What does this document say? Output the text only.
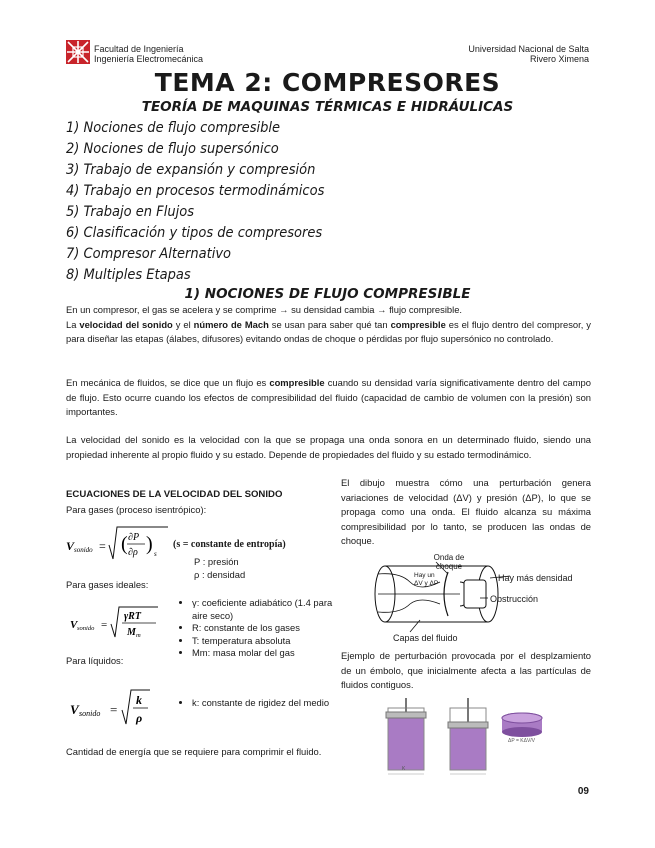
Facultad de Ingeniería
Ingeniería Electromecánica
Universidad Nacional de Salta
Rivero Ximena
TEMA 2: COMPRESORES
TEORÍA DE MAQUINAS TÉRMICAS E HIDRÁULICAS
1) Nociones de flujo compresible
2) Nociones de flujo supersónico
3) Trabajo de expansión y compresión
4) Trabajo en procesos termodinámicos
5) Trabajo en Flujos
6) Clasificación y tipos de compresores
7) Compresor Alternativo
8) Multiples Etapas
1) NOCIONES DE FLUJO COMPRESIBLE
En un compresor, el gas se acelera y se comprime → su densidad cambia → flujo compresible.
La velocidad del sonido y el número de Mach se usan para saber qué tan compresible es el flujo dentro del compresor, y para diseñar las etapas (álabes, difusores) evitando ondas de choque o pérdidas por flujo supersónico no controlado.
En mecánica de fluidos, se dice que un flujo es compresible cuando su densidad varía significativamente dentro del campo de flujo. Esto ocurre cuando los efectos de compresibilidad del fluido (capacidad de cambio de volumen con la presión) son importantes.
La velocidad del sonido es la velocidad con la que se propaga una onda sonora en un determinado fluido, siendo una propiedad inherente al propio fluido y su estado. Depende de propiedades del fluido y su estado termodinámico.
ECUACIONES DE LA VELOCIDAD DEL SONIDO
Para gases (proceso isentrópico):
V sonido = ( ∂P
∂ρ ) s
(s = constante de entropía)
P : presión
ρ : densidad
Para gases ideales:
V sonido =
γRT
M m
• γ: coeficiente adiabático (1.4 para aire seco)
• R: constante de los gases
• T: temperatura absoluta
• Mm: masa molar del gas
Para líquidos:
V sonido =
k
ρ
• k: constante de rigidez del medio
Cantidad de energía que se requiere para comprimir el fluido.
El dibujo muestra cómo una perturbación genera variaciones de velocidad (ΔV) y presión (ΔP), lo que se propaga como una onda. El fluido alcanza su máxima compresibilidad por lo tanto, se producen las ondas de choque.
Onda de choque
Hay un ΔV y ΔP
Hay más densidad
Obstrucción
Capas del fluido
Ejemplo de perturbación provocada por el desplzamiento de un émbolo, que inicialmente afecta a las partículas de fluidos contiguos.
K
ΔP = KΔV/V
09
